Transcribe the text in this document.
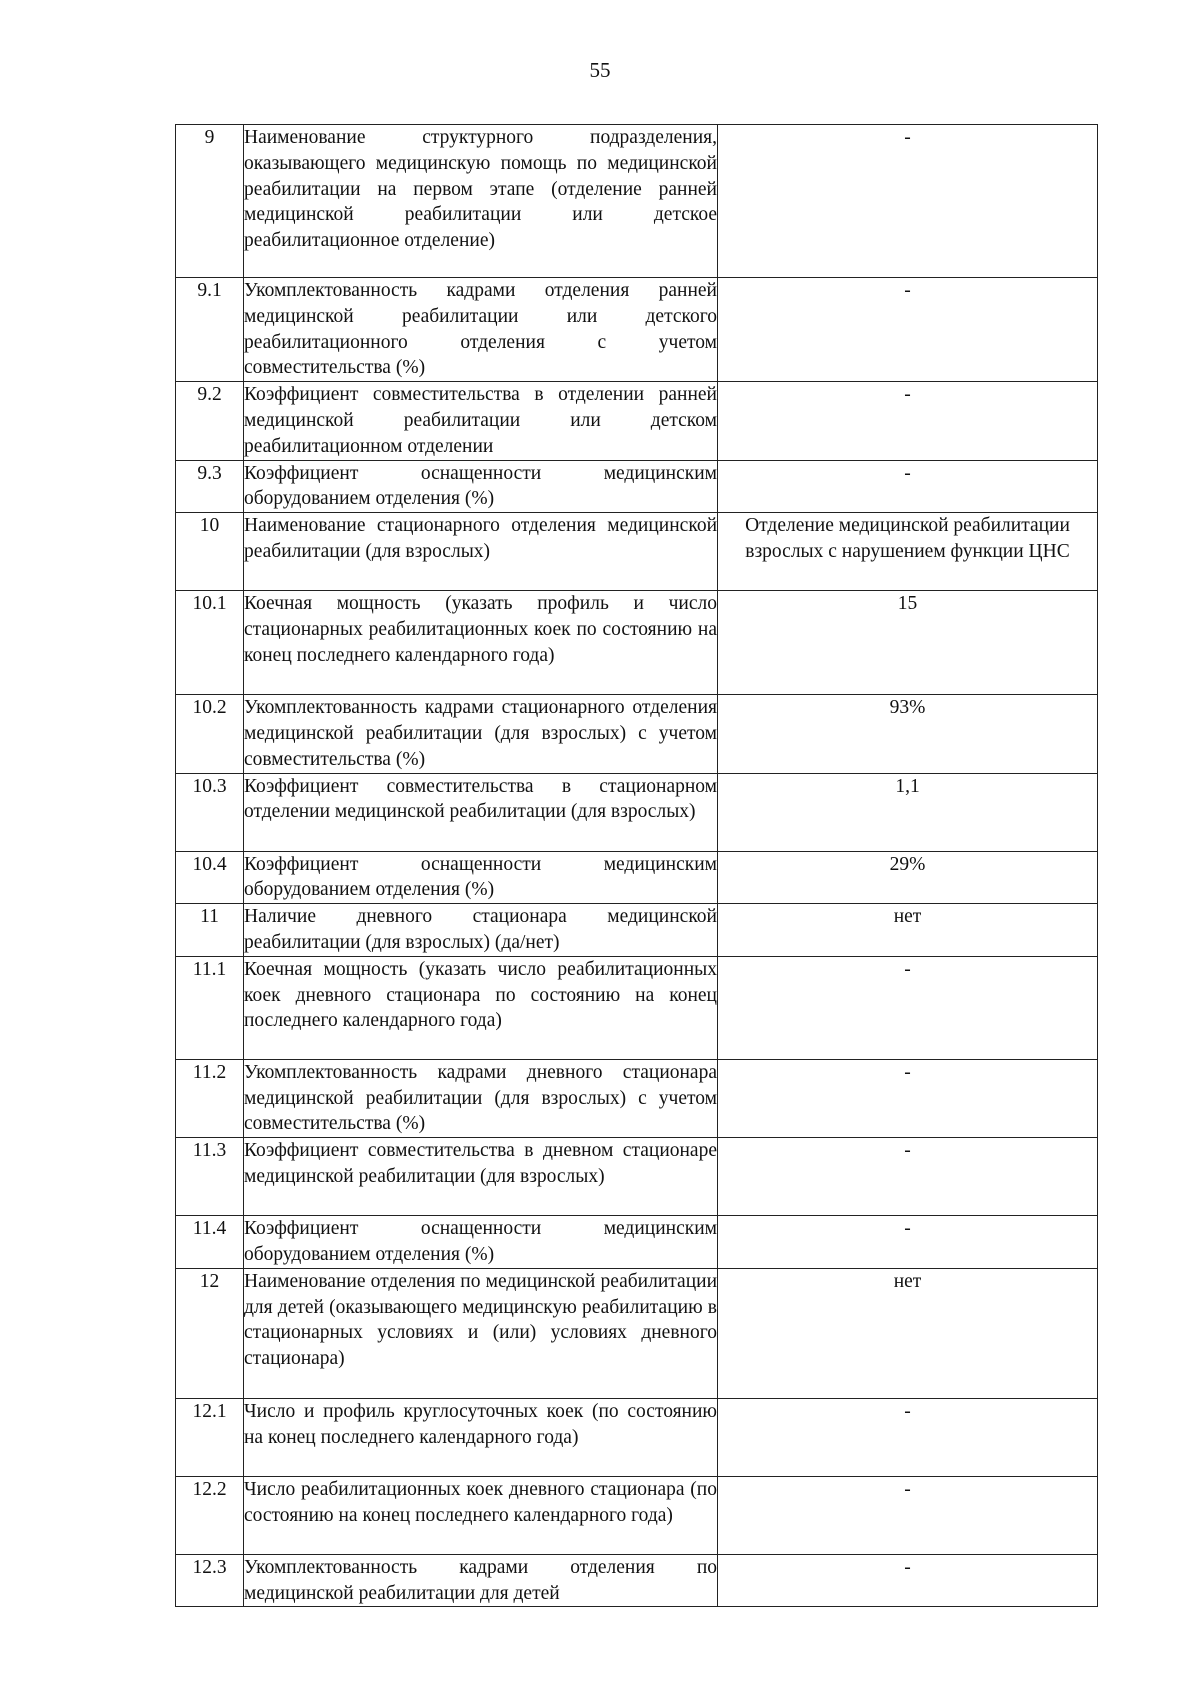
55
9	Наименование структурного подразделения, оказывающего медицинскую помощь по медицинской реабилитации на первом этапе (отделение ранней медицинской реабилитации или детское реабилитационное отделение)	-
9.1	Укомплектованность кадрами отделения ранней медицинской реабилитации или детского реабилитационного отделения с учетом совместительства (%)	-
9.2	Коэффициент совместительства в отделении ранней медицинской реабилитации или детском реабилитационном отделении	-
9.3	Коэффициент оснащенности медицинским оборудованием отделения (%)	-
10	Наименование стационарного отделения медицинской реабилитации (для взрослых)	Отделение медицинской реабилитации взрослых с нарушением функции ЦНС
10.1	Коечная мощность (указать профиль и число стационарных реабилитационных коек по состоянию на конец последнего календарного года)	15
10.2	Укомплектованность кадрами стационарного отделения медицинской реабилитации (для взрослых) с учетом совместительства (%)	93%
10.3	Коэффициент совместительства в стационарном отделении медицинской реабилитации (для взрослых)	1,1
10.4	Коэффициент оснащенности медицинским оборудованием отделения (%)	29%
11	Наличие дневного стационара медицинской реабилитации (для взрослых) (да/нет)	нет
11.1	Коечная мощность (указать число реабилитационных коек дневного стационара по состоянию на конец последнего календарного года)	-
11.2	Укомплектованность кадрами дневного стационара медицинской реабилитации (для взрослых) с учетом совместительства (%)	-
11.3	Коэффициент совместительства в дневном стационаре медицинской реабилитации (для взрослых)	-
11.4	Коэффициент оснащенности медицинским оборудованием отделения (%)	-
12	Наименование отделения по медицинской реабилитации для детей (оказывающего медицинскую реабилитацию в стационарных условиях и (или) условиях дневного стационара)	нет
12.1	Число и профиль круглосуточных коек (по состоянию на конец последнего календарного года)	-
12.2	Число реабилитационных коек дневного стационара (по состоянию на конец последнего календарного года)	-
12.3	Укомплектованность кадрами отделения по медицинской реабилитации для детей	-
